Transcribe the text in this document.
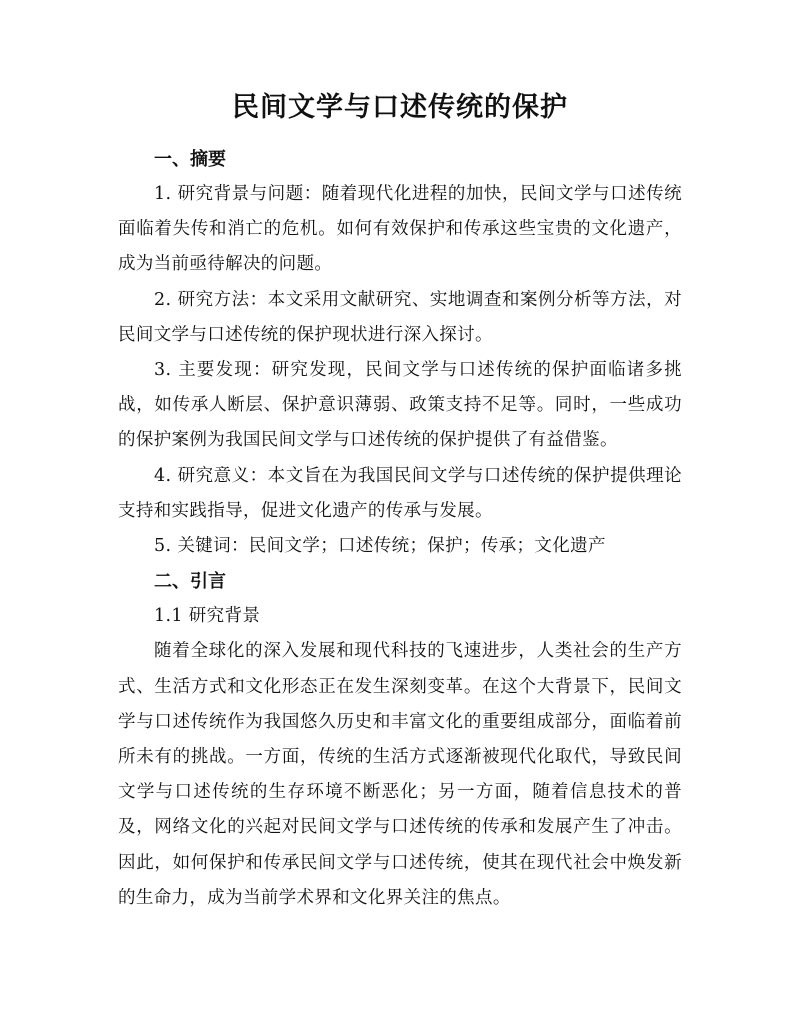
民间文学与口述传统的保护
一、摘要

1. 研究背景与问题：随着现代化进程的加快，民间文学与口述传统面临着失传和消亡的危机。如何有效保护和传承这些宝贵的文化遗产，成为当前亟待解决的问题。

2. 研究方法：本文采用文献研究、实地调查和案例分析等方法，对民间文学与口述传统的保护现状进行深入探讨。

3. 主要发现：研究发现，民间文学与口述传统的保护面临诸多挑战，如传承人断层、保护意识薄弱、政策支持不足等。同时，一些成功的保护案例为我国民间文学与口述传统的保护提供了有益借鉴。

4. 研究意义：本文旨在为我国民间文学与口述传统的保护提供理论支持和实践指导，促进文化遗产的传承与发展。

5. 关键词：民间文学；口述传统；保护；传承；文化遗产

二、引言

1.1 研究背景

随着全球化的深入发展和现代科技的飞速进步，人类社会的生产方式、生活方式和文化形态正在发生深刻变革。在这个大背景下，民间文学与口述传统作为我国悠久历史和丰富文化的重要组成部分，面临着前所未有的挑战。一方面，传统的生活方式逐渐被现代化取代，导致民间文学与口述传统的生存环境不断恶化；另一方面，随着信息技术的普及，网络文化的兴起对民间文学与口述传统的传承和发展产生了冲击。因此，如何保护和传承民间文学与口述传统，使其在现代社会中焕发新的生命力，成为当前学术界和文化界关注的焦点。
